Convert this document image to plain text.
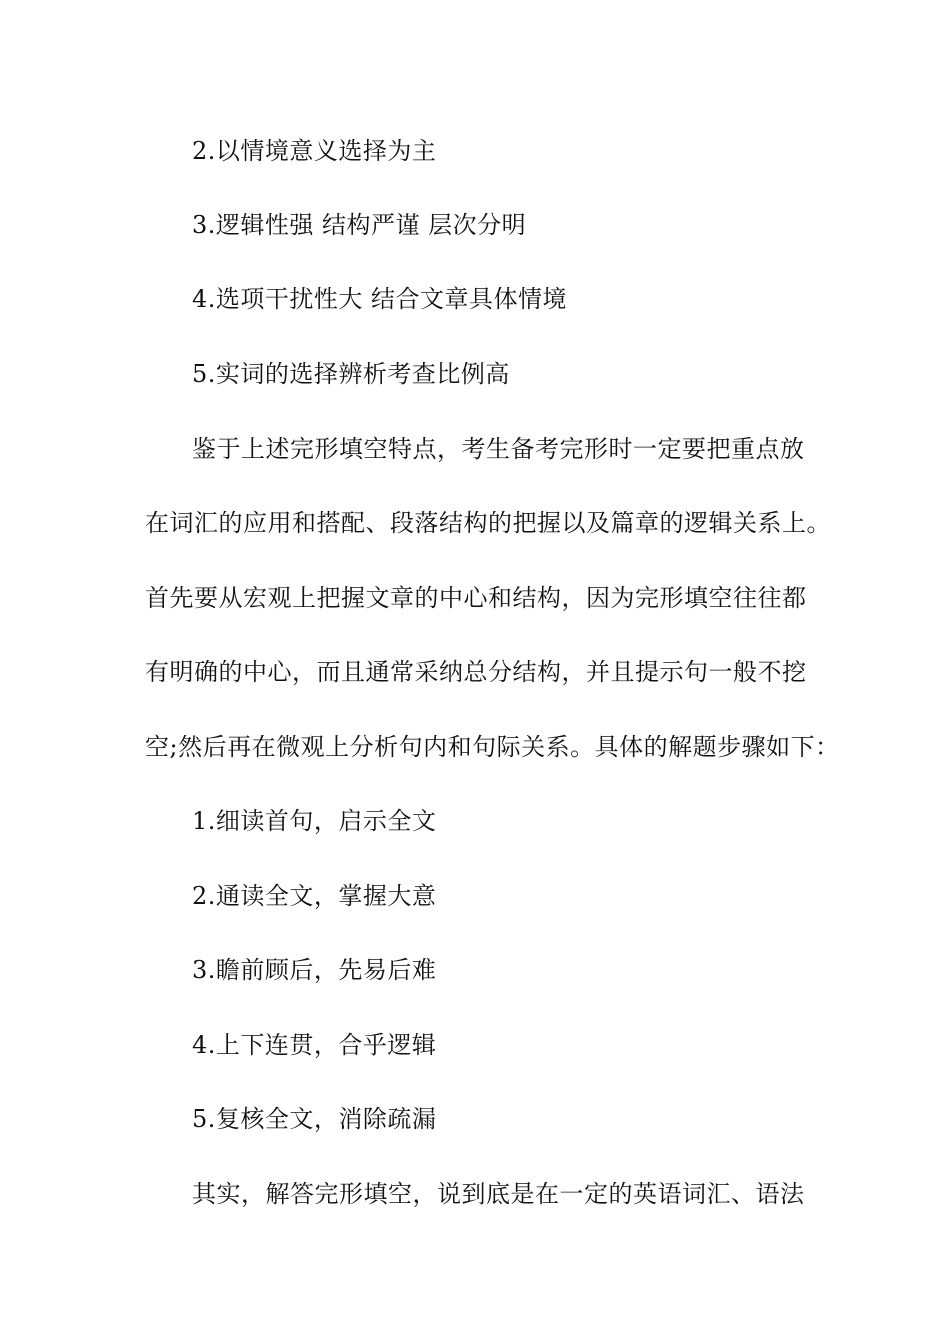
2.以情境意义选择为主
3.逻辑性强 结构严谨 层次分明
4.选项干扰性大 结合文章具体情境
5.实词的选择辨析考查比例高
鉴于上述完形填空特点，考生备考完形时一定要把重点放
在词汇的应用和搭配、段落结构的把握以及篇章的逻辑关系上。
首先要从宏观上把握文章的中心和结构，因为完形填空往往都
有明确的中心，而且通常采纳总分结构，并且提示句一般不挖
空;然后再在微观上分析句内和句际关系。具体的解题步骤如下：
1.细读首句，启示全文
2.通读全文，掌握大意
3.瞻前顾后，先易后难
4.上下连贯，合乎逻辑
5.复核全文，消除疏漏
其实，解答完形填空，说到底是在一定的英语词汇、语法
